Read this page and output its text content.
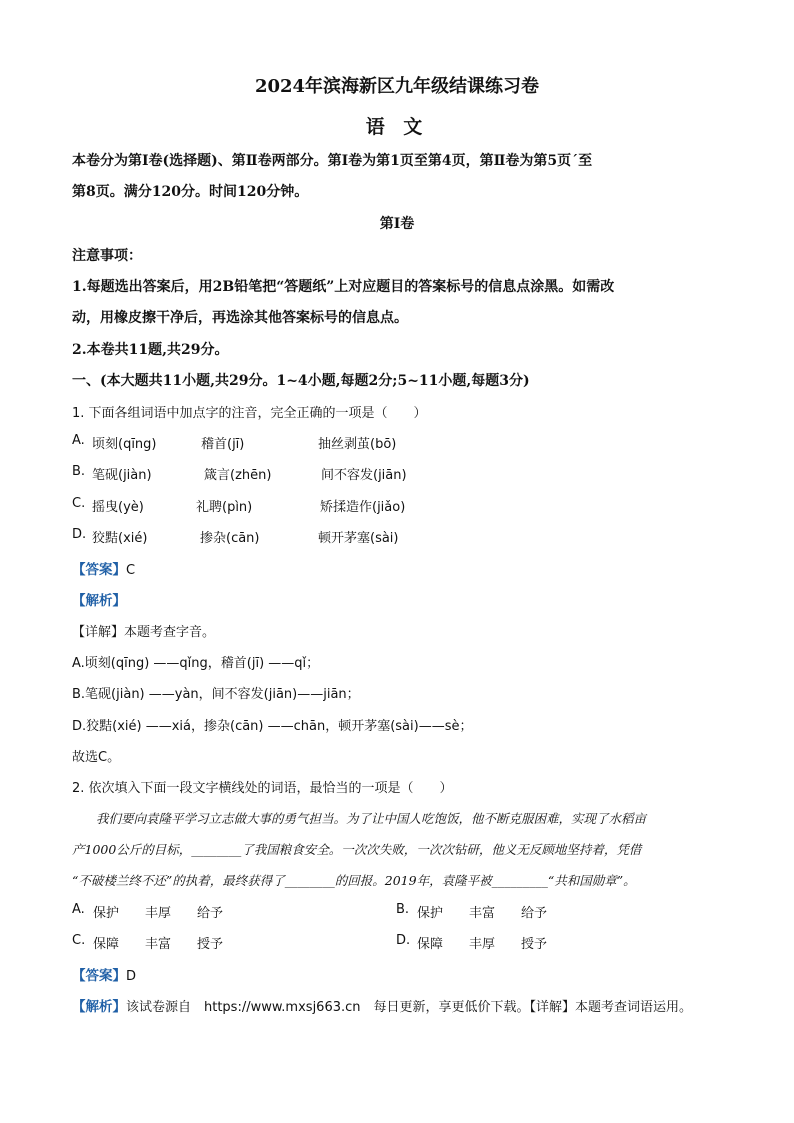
2024年滨海新区九年级结课练习卷
语 文
本卷分为第Ⅰ卷(选择题)、第Ⅱ卷两部分。第Ⅰ卷为第1页至第4页，第Ⅱ卷为第5页´至
第8页。满分120分。时间120分钟。
第Ⅰ卷
注意事项：
1.每题选出答案后，用2B铅笔把“答题纸”上对应题目的答案标号的信息点涂黑。如需改
动，用橡皮擦干净后，再选涂其他答案标号的信息点。
2.本卷共11题,共29分。
一、(本大题共11小题,共29分。1~4小题,每题2分;5~11小题,每题3分)
1. 下面各组词语中加点字的注音，完全正确的一项是（　　）
A. 顷刻(qīng)	稽首(jī)	抽丝剥茧(bō)
B. 笔砚(jiàn)	箴言(zhēn)	间不容发(jiān)
C. 摇曳(yè)	礼聘(pìn)	矫揉造作(jiǎo)
D. 狡黠(xié)	掺杂(cān)	顿开茅塞(sài)
【答案】C
【解析】
【详解】本题考查字音。
A.顷刻(qīng) ——qǐng，稽首(jī) ——qǐ；
B.笔砚(jiàn) ——yàn，间不容发(jiān)——jiān；
D.狡黠(xié) ——xiá，掺杂(cān) ——chān，顿开茅塞(sài)——sè；
故选C。
2. 依次填入下面一段文字横线处的词语，最恰当的一项是（　　）
我们要向袁隆平学习立志做大事的勇气担当。为了让中国人吃饱饭，他不断克服困难，实现了水稻亩
产1000公斤的目标，________了我国粮食安全。一次次失败，一次次钻研，他义无反顾地坚持着，凭借
“不破楼兰终不还”的执着，最终获得了________的回报。2019年，袁隆平被_________“共和国勋章”。
A. 保护　　丰厚　　给予	B. 保护　　丰富　　给予
C. 保障　　丰富　　授予	D. 保障　　丰厚　　授予
【答案】D
【解析】该试卷源自　https://www.mxsj663.cn　每日更新，享更低价下载。【详解】本题考查词语运用。
